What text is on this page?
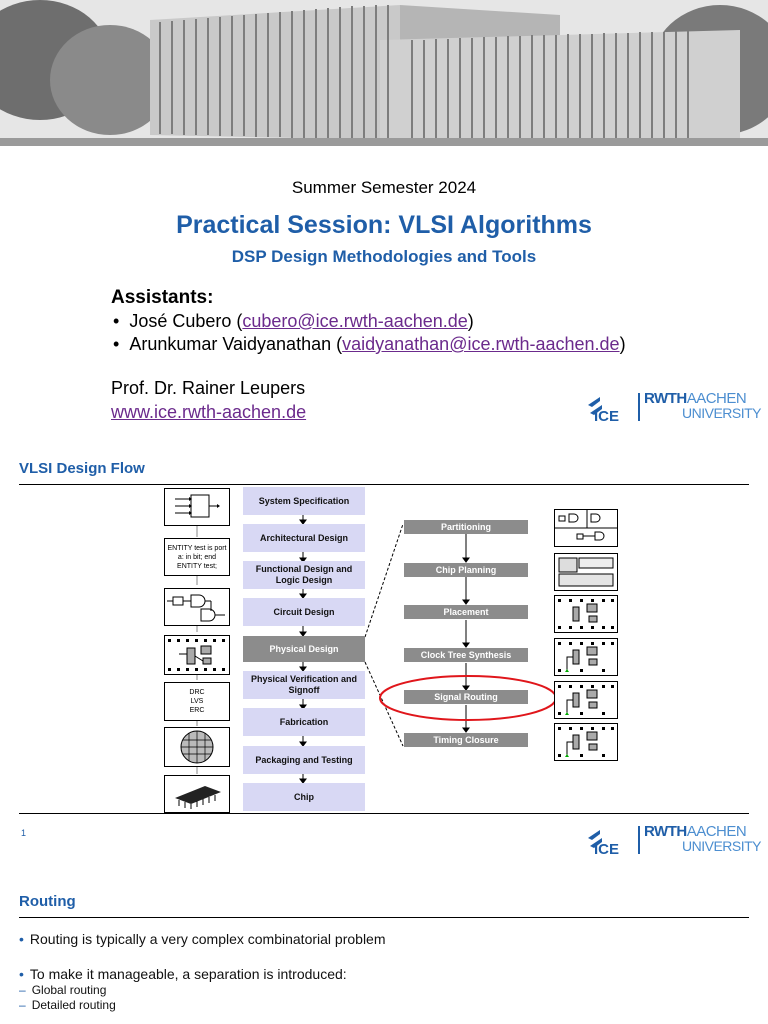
Summer Semester 2024
Practical Session: VLSI Algorithms
DSP Design Methodologies and Tools
Assistants:
•  José Cubero (cubero@ice.rwth-aachen.de)
•  Arunkumar Vaidyanathan (vaidyanathan@ice.rwth-aachen.de)
Prof. Dr. Rainer Leupers
www.ice.rwth-aachen.de	ICE
RWTHAACHEN
UNIVERSITY
VLSI Design Flow
ENTITY test is port a: in bit; end ENTITY test;
DRC
LVS
ERC
System Specification
Architectural Design
Functional Design and Logic Design
Circuit Design
Physical Design
Physical Verification and Signoff
Fabrication
Packaging and Testing
Chip
Partitioning
Chip Planning
Placement
Clock Tree Synthesis
Signal Routing
Timing Closure
1
ICE
RWTHAACHEN
UNIVERSITY
Routing
• Routing is typically a very complex combinatorial problem
• To make it manageable, a separation is introduced:
– Global routing
– Detailed routing
